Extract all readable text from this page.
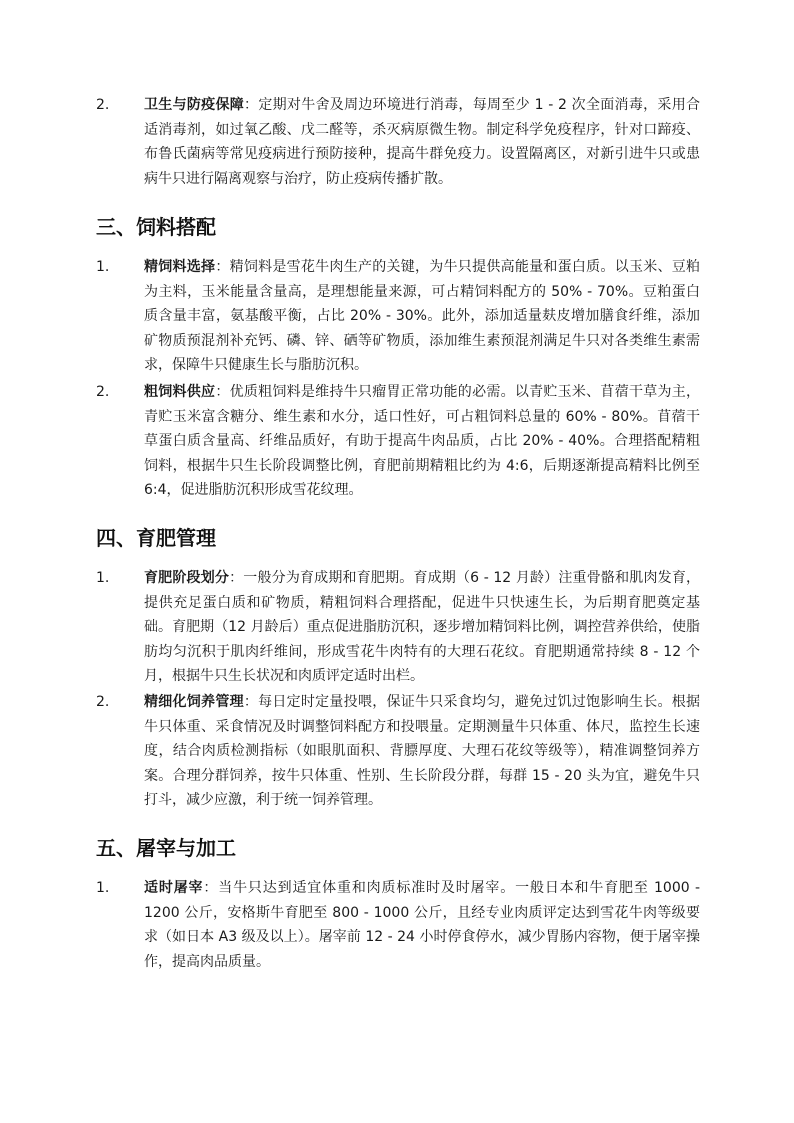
2. 卫生与防疫保障：定期对牛舍及周边环境进行消毒，每周至少 1 - 2 次全面消毒，采用合适消毒剂，如过氧乙酸、戊二醛等，杀灭病原微生物。制定科学免疫程序，针对口蹄疫、布鲁氏菌病等常见疫病进行预防接种，提高牛群免疫力。设置隔离区，对新引进牛只或患病牛只进行隔离观察与治疗，防止疫病传播扩散。

三、饲料搭配
1. 精饲料选择：精饲料是雪花牛肉生产的关键，为牛只提供高能量和蛋白质。以玉米、豆粕为主料，玉米能量含量高，是理想能量来源，可占精饲料配方的 50% - 70%。豆粕蛋白质含量丰富，氨基酸平衡，占比 20% - 30%。此外，添加适量麸皮增加膳食纤维，添加矿物质预混剂补充钙、磷、锌、硒等矿物质，添加维生素预混剂满足牛只对各类维生素需求，保障牛只健康生长与脂肪沉积。

2. 粗饲料供应：优质粗饲料是维持牛只瘤胃正常功能的必需。以青贮玉米、苜蓿干草为主，青贮玉米富含糖分、维生素和水分，适口性好，可占粗饲料总量的 60% - 80%。苜蓿干草蛋白质含量高、纤维品质好，有助于提高牛肉品质，占比 20% - 40%。合理搭配精粗饲料，根据牛只生长阶段调整比例，育肥前期精粗比约为 4:6，后期逐渐提高精料比例至 6:4，促进脂肪沉积形成雪花纹理。

四、育肥管理
1. 育肥阶段划分：一般分为育成期和育肥期。育成期（6 - 12 月龄）注重骨骼和肌肉发育，提供充足蛋白质和矿物质，精粗饲料合理搭配，促进牛只快速生长，为后期育肥奠定基础。育肥期（12 月龄后）重点促进脂肪沉积，逐步增加精饲料比例，调控营养供给，使脂肪均匀沉积于肌肉纤维间，形成雪花牛肉特有的大理石花纹。育肥期通常持续 8 - 12 个月，根据牛只生长状况和肉质评定适时出栏。

2. 精细化饲养管理：每日定时定量投喂，保证牛只采食均匀，避免过饥过饱影响生长。根据牛只体重、采食情况及时调整饲料配方和投喂量。定期测量牛只体重、体尺，监控生长速度，结合肉质检测指标（如眼肌面积、背膘厚度、大理石花纹等级等），精准调整饲养方案。合理分群饲养，按牛只体重、性别、生长阶段分群，每群 15 - 20 头为宜，避免牛只打斗，减少应激，利于统一饲养管理。

五、屠宰与加工
1. 适时屠宰：当牛只达到适宜体重和肉质标准时及时屠宰。一般日本和牛育肥至 1000 - 1200 公斤，安格斯牛育肥至 800 - 1000 公斤，且经专业肉质评定达到雪花牛肉等级要求（如日本 A3 级及以上）。屠宰前 12 - 24 小时停食停水，减少胃肠内容物，便于屠宰操作，提高肉品质量。
